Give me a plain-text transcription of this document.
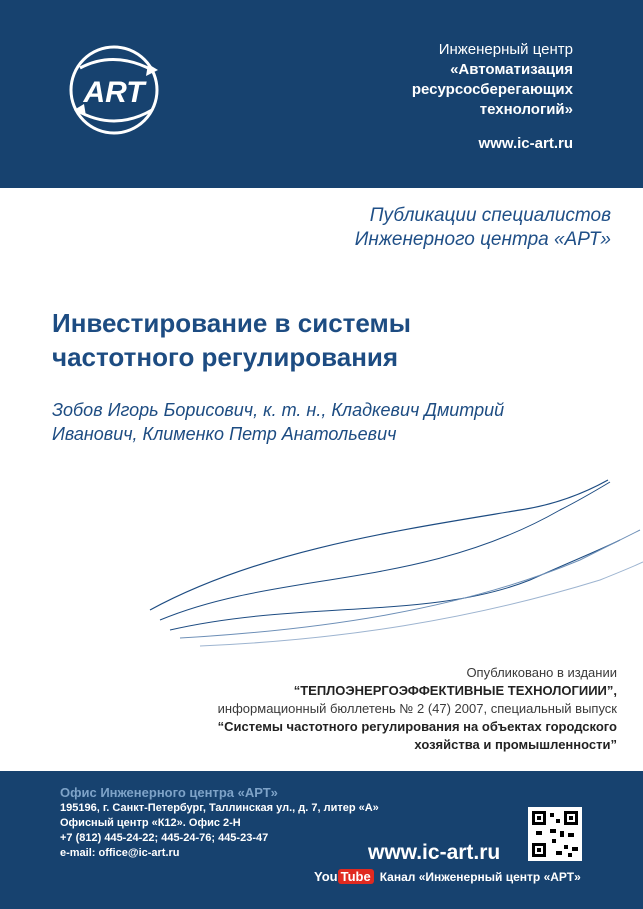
ART
Инженерный центр
«Автоматизация
ресурсосберегающих
технологий»
www.ic-art.ru
Публикации специалистов
Инженерного центра «АРТ»
Инвестирование в системы
частотного регулирования
Зобов Игорь Борисович, к. т. н., Кладкевич Дмитрий
Иванович, Клименко Петр Анатольевич
Опубликовано в издании
“ТЕПЛОЭНЕРГОЭФФЕКТИВНЫЕ ТЕХНОЛОГИИИ”,
информационный бюллетень № 2 (47) 2007, специальный выпуск
“Системы частотного регулирования на объектах городского
хозяйства и промышленности”
Офис Инженерного центра «АРТ»
195196, г. Санкт-Петербург, Таллинская ул., д. 7, литер «А»
Офисный центр «К12». Офис 2-Н
+7 (812) 445-24-22; 445-24-76; 445-23-47
e-mail: office@ic-art.ru	www.ic-art.ru
You Tube Канал «Инженерный центр «АРТ»
